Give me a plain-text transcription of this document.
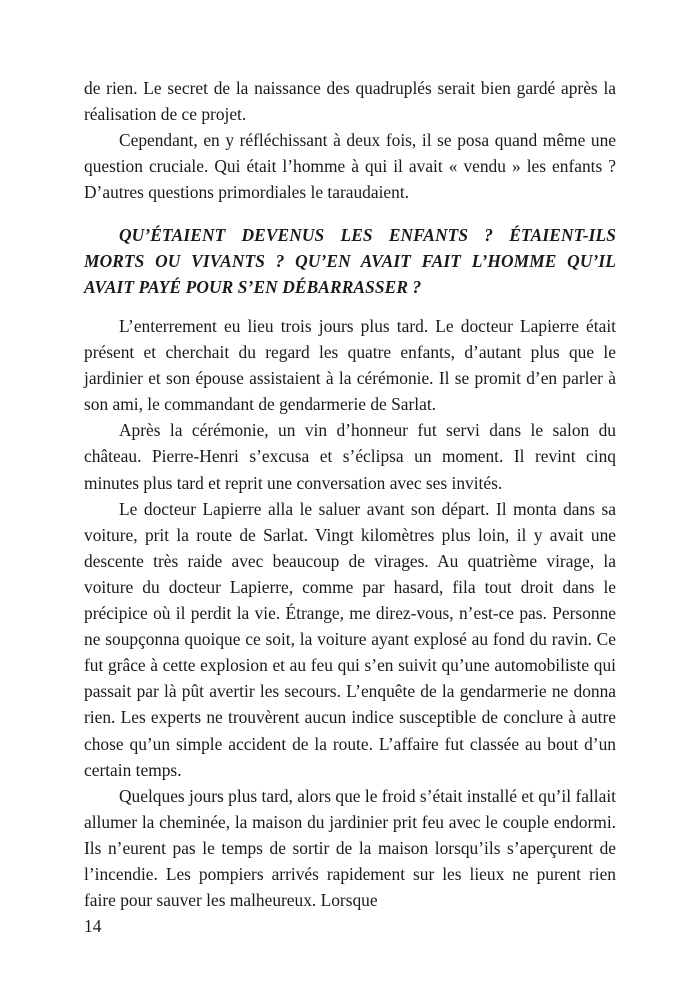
de rien. Le secret de la naissance des quadruplés serait bien gardé après la réalisation de ce projet.

Cependant, en y réfléchissant à deux fois, il se posa quand même une question cruciale. Qui était l’homme à qui il avait « vendu » les enfants ? D’autres questions primordiales le taraudaient.

QU’ÉTAIENT DEVENUS LES ENFANTS ? ÉTAIENT-ILS MORTS OU VIVANTS ? QU’EN AVAIT FAIT L’HOMME QU’IL AVAIT PAYÉ POUR S’EN DÉBARRASSER ?

L’enterrement eu lieu trois jours plus tard. Le docteur Lapierre était présent et cherchait du regard les quatre enfants, d’autant plus que le jardinier et son épouse assistaient à la cérémonie. Il se promit d’en parler à son ami, le commandant de gendarmerie de Sarlat.

Après la cérémonie, un vin d’honneur fut servi dans le salon du château. Pierre-Henri s’excusa et s’éclipsa un moment. Il revint cinq minutes plus tard et reprit une conversation avec ses invités.

Le docteur Lapierre alla le saluer avant son départ. Il monta dans sa voiture, prit la route de Sarlat. Vingt kilomètres plus loin, il y avait une descente très raide avec beaucoup de virages. Au quatrième virage, la voiture du docteur Lapierre, comme par hasard, fila tout droit dans le précipice où il perdit la vie. Étrange, me direz-vous, n’est-ce pas. Personne ne soupçonna quoique ce soit, la voiture ayant explosé au fond du ravin. Ce fut grâce à cette explosion et au feu qui s’en suivit qu’une automobiliste qui passait par là pût avertir les secours. L’enquête de la gendarmerie ne donna rien. Les experts ne trouvèrent aucun indice susceptible de conclure à autre chose qu’un simple accident de la route. L’affaire fut classée au bout d’un certain temps.

Quelques jours plus tard, alors que le froid s’était installé et qu’il fallait allumer la cheminée, la maison du jardinier prit feu avec le couple endormi. Ils n’eurent pas le temps de sortir de la maison lorsqu’ils s’aperçurent de l’incendie. Les pompiers arrivés rapidement sur les lieux ne purent rien faire pour sauver les malheureux. Lorsque

14
